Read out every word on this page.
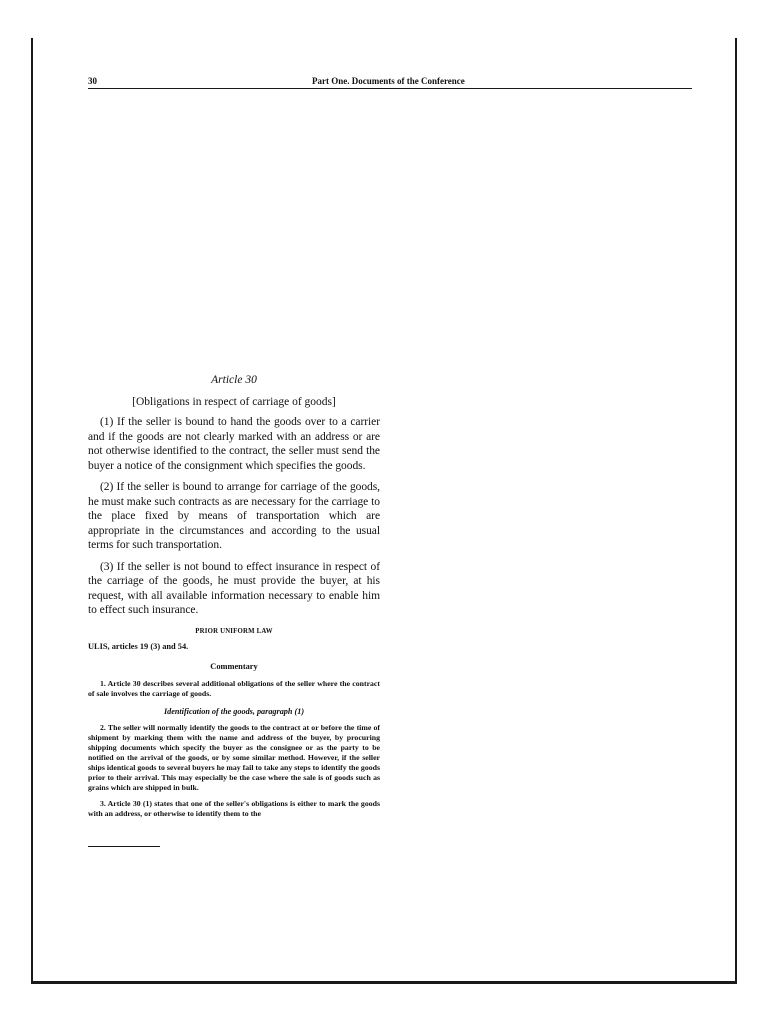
30	Part One. Documents of the Conference
Article 30
[Obligations in respect of carriage of goods]

(1) If the seller is bound to hand the goods over to a carrier and if the goods are not clearly marked with an address or are not otherwise identified to the contract, the seller must send the buyer a notice of the consignment which specifies the goods.

(2) If the seller is bound to arrange for carriage of the goods, he must make such contracts as are necessary for the carriage to the place fixed by means of transportation which are appropriate in the circumstances and according to the usual terms for such transportation.

(3) If the seller is not bound to effect insurance in respect of the carriage of the goods, he must provide the buyer, at his request, with all available information necessary to enable him to effect such insurance.

PRIOR UNIFORM LAW
ULIS, articles 19 (3) and 54.
Commentary

1. Article 30 describes several additional obligations of the seller where the contract of sale involves the carriage of goods.

Identification of the goods, paragraph (1)

2. The seller will normally identify the goods to the contract at or before the time of shipment by marking them with the name and address of the buyer, by procuring shipping documents which specify the buyer as the consignee or as the party to be notified on the arrival of the goods, or by some similar method. However, if the seller ships identical goods to several buyers he may fail to take any steps to identify the goods prior to their arrival. This may especially be the case where the sale is of goods such as grains which are shipped in bulk.

3. Article 30 (1) states that one of the seller's obligations is either to mark the goods with an address, or otherwise to identify them to the
